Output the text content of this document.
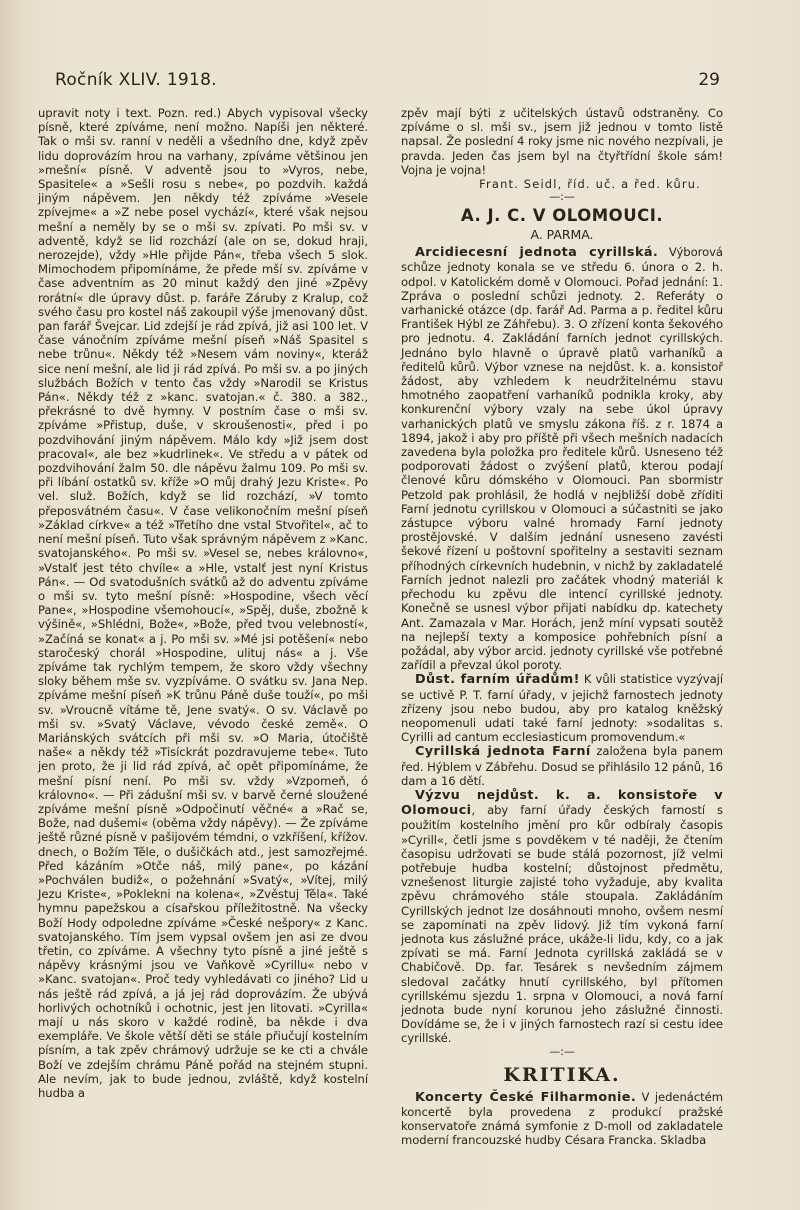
Ročník XLIV. 1918.	29

upravit noty i text. Pozn. red.) Abych vypisoval všecky písně, které zpíváme, není možno. Napíši jen některé. Tak o mši sv. ranní v neděli a všedního dne, když zpěv lidu doprovázím hrou na varhany, zpíváme většinou jen »mešní« písně. V adventě jsou to »Vyros, nebe, Spasitele« a »Sešli rosu s nebe«, po pozdvih. každá jiným nápěvem. Jen někdy též zpíváme »Vesele zpívejme« a »Z nebe posel vychází«, které však nejsou mešní a neměly by se o mši sv. zpívati. Po mši sv. v adventě, když se lid rozchází (ale on se, dokud hraji, nerozejde), vždy »Hle přijde Pán«, třeba všech 5 slok. Mimochodem připomínáme, že přede mší sv. zpíváme v čase adventním as 20 minut každý den jiné »Zpěvy rorátní« dle úpravy důst. p. faráře Záruby z Kralup, což svého času pro kostel náš zakoupil výše jmenovaný důst. pan farář Švejcar. Lid zdejší je rád zpívá, již asi 100 let. V čase vánočním zpíváme mešní píseň »Náš Spasitel s nebe trůnu«. Někdy též »Nesem vám noviny«, kteráž sice není mešní, ale lid ji rád zpívá. Po mši sv. a po jiných službách Božích v tento čas vždy »Narodil se Kristus Pán«. Někdy též z »kanc. svatojan.« č. 380. a 382., překrásné to dvě hymny. V postním čase o mši sv. zpíváme »Přistup, duše, v skroušenosti«, před i po pozdvihování jiným nápěvem. Málo kdy »Již jsem dost pracoval«, ale bez »kudrlinek«. Ve středu a v pátek od pozdvihování žalm 50. dle nápěvu žalmu 109. Po mši sv. při líbání ostatků sv. kříže »O můj drahý Jezu Kriste«. Po vel. služ. Božích, když se lid rozchází, »V tomto přeposvátném času«. V čase velikonočním mešní píseň »Základ církve« a též »Třetího dne vstal Stvořitel«, ač to není mešní píseň. Tuto však správným nápěvem z »Kanc. svatojanského«. Po mši sv. »Vesel se, nebes královno«, »Vstalť jest této chvíle« a »Hle, vstalť jest nyní Kristus Pán«. — Od svatodušních svátků až do adventu zpíváme o mši sv. tyto mešní písně: »Hospodine, všech věcí Pane«, »Hospodine všemohoucí«, »Spěj, duše, zbožně k výšině«, »Shlédni, Bože«, »Bože, před tvou velebností«, »Začíná se konat« a j. Po mši sv. »Mé jsi potěšení« nebo staročeský chorál »Hospodine, ulituj nás« a j. Vše zpíváme tak rychlým tempem, že skoro vždy všechny sloky během mše sv. vyzpíváme. O svátku sv. Jana Nep. zpíváme mešní píseň »K trůnu Páně duše touží«, po mši sv. »Vroucně vítáme tě, Jene svatý«. O sv. Václavě po mši sv. »Svatý Václave, vévodo české země«. O Mariánských svátcích při mši sv. »O Maria, útočiště naše« a někdy též »Tisíckrát pozdravujeme tebe«. Tuto jen proto, že ji lid rád zpívá, ač opět připomínáme, že mešní písní není. Po mši sv. vždy »Vzpomeň, ó královno«. — Při zádušní mši sv. v barvě černé sloužené zpíváme mešní písně »Odpočinutí věčné« a »Rač se, Bože, nad dušemi« (oběma vždy nápěvy). — Že zpíváme ještě různé písně v pašijovém témdni, o vzkříšení, křížov. dnech, o Božím Těle, o dušičkách atd., jest samozřejmé. Před kázáním »Otče náš, milý pane«, po kázání »Pochválen budiž«, o požehnání »Svatý«, »Vítej, milý Jezu Kriste«, »Poklekni na kolena«, »Zvěstuj Těla«. Také hymnu papežskou a císařskou příležitostně. Na všecky Boží Hody odpoledne zpíváme »České nešpory« z Kanc. svatojanského. Tím jsem vypsal ovšem jen asi ze dvou třetin, co zpíváme. A všechny tyto písně a jiné ještě s nápěvy krásnými jsou ve Vaňkově »Cyrillu« nebo v »Kanc. svatojan«. Proč tedy vyhledávati co jiného? Lid u nás ještě rád zpívá, a já jej rád doprovázím. Že ubývá horlivých ochotníků i ochotnic, jest jen litovati. »Cyrilla« mají u nás skoro v každé rodině, ba někde i dva exempláře. Ve škole větší děti se stále přiučují kostelním písním, a tak zpěv chrámový udržuje se ke cti a chvále Boží ve zdejším chrámu Páně pořád na stejném stupni. Ale nevím, jak to bude jednou, zvláště, když kostelní hudba a

zpěv mají býti z učitelských ústavů odstraněny. Co zpíváme o sl. mši sv., jsem již jednou v tomto listě napsal. Že poslední 4 roky jsme nic nového nezpívali, je pravda. Jeden čas jsem byl na čtyřtřídní škole sám! Vojna je vojna!

Frant. Seidl, říd. uč. a řed. kůru.

—:—

A. J. C. V OLOMOUCI.
A. PARMA.

Arcidiecesní jednota cyrillská. Výborová schůze jednoty konala se ve středu 6. února o 2. h. odpol. v Katolickém domě v Olomouci. Pořad jednání: 1. Zpráva o poslední schůzi jednoty. 2. Referáty o varhanické otázce (dp. farář Ad. Parma a p. ředitel kůru František Hýbl ze Záhřebu). 3. O zřízení konta šekového pro jednotu. 4. Zakládání farních jednot cyrillských. Jednáno bylo hlavně o úpravě platů varhaníků a ředitelů kůrů. Výbor vznese na nejdůst. k. a. konsistoř žádost, aby vzhledem k neudržitelnému stavu hmotného zaopatření varhaníků podnikla kroky, aby konkurenční výbory vzaly na sebe úkol úpravy varhanických platů ve smyslu zákona říš. z r. 1874 a 1894, jakož i aby pro příště při všech mešních nadacích zavedena byla položka pro ředitele kůrů. Usneseno též podporovati žádost o zvýšení platů, kterou podají členové kůru dómského v Olomouci. Pan sbormistr Petzold pak prohlásil, že hodlá v nejbližší době zříditi Farní jednotu cyrillskou v Olomouci a súčastniti se jako zástupce výboru valné hromady Farní jednoty prostějovské. V dalším jednání usneseno zavésti šekové řízení u poštovní spořitelny a sestaviti seznam příhodných církevních hudebnin, v nichž by zakladatelé Farních jednot nalezli pro začátek vhodný materiál k přechodu ku zpěvu dle intencí cyrillské jednoty. Konečně se usnesl výbor přijati nabídku dp. katechety Ant. Zamazala v Mar. Horách, jenž míní vypsati soutěž na nejlepší texty a komposice pohřebních písní a požádal, aby výbor arcid. jednoty cyrillské vše potřebné zařídil a převzal úkol poroty.

Důst. farním úřadům! K vůli statistice vyzývají se uctivě P. T. farní úřady, v jejichž farnostech jednoty zřízeny jsou nebo budou, aby pro katalog kněžský neopomenuli udati také farní jednoty: »sodalitas s. Cyrilli ad cantum ecclesiasticum promovendum.«

Cyrillská jednota Farní založena byla panem řed. Hýblem v Zábřehu. Dosud se přihlásilo 12 pánů, 16 dam a 16 dětí.

Výzvu nejdůst. k. a. konsistoře v Olomouci, aby farní úřady českých farností s použitím kostelního jmění pro kůr odbíraly časopis »Cyrill«, četli jsme s povděkem v té naději, že čtením časopisu udržovati se bude stálá pozornost, jíž velmi potřebuje hudba kostelní; důstojnost předmětu, vznešenost liturgie zajisté toho vyžaduje, aby kvalita zpěvu chrámového stále stoupala. Zakládáním Cyrillských jednot lze dosáhnouti mnoho, ovšem nesmí se zapomínati na zpěv lidový. Již tím vykoná farní jednota kus záslužné práce, ukáže-li lidu, kdy, co a jak zpívati se má. Farní Jednota cyrillská zakládá se v Chabičově. Dp. far. Tesárek s nevšedním zájmem sledoval začátky hnutí cyrillského, byl přítomen cyrillskému sjezdu 1. srpna v Olomouci, a nová farní jednota bude nyní korunou jeho záslužné činnosti. Dovídáme se, že i v jiných farnostech razí si cestu idee cyrillské.

—:—

KRITIKA.

Koncerty České Filharmonie. V jedenáctém koncertě byla provedena z produkcí pražské konservatoře známá symfonie z D-moll od zakladatele moderní francouzské hudby Césara Francka. Skladba
